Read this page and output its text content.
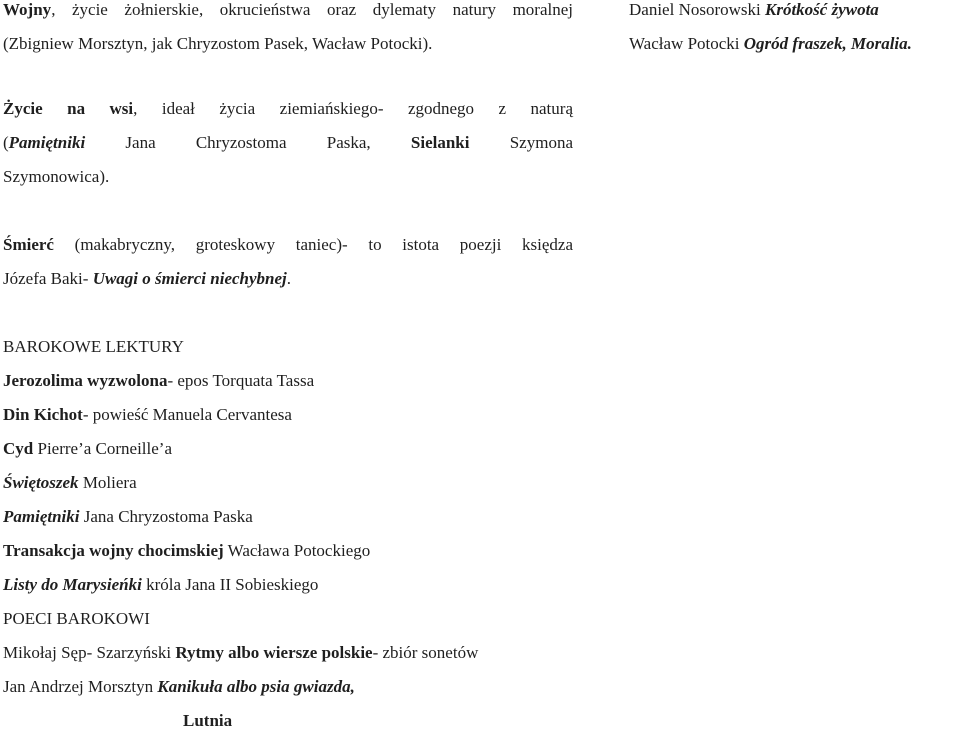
Wojny, życie żołnierskie, okrucieństwa oraz dylematy natury moralnej
(Zbigniew Morsztyn, jak Chryzostom Pasek, Wacław Potocki).

Życie na wsi, ideał życia ziemiańskiego- zgodnego z naturą
(Pamiętniki Jana Chryzostoma Paska, Sielanki Szymona
Szymonowica).

Śmierć (makabryczny, groteskowy taniec)- to istota poezji księdza
Józefa Baki- Uwagi o śmierci niechybnej.

BAROKOWE LEKTURY
Jerozolima wyzwolona- epos Torquata Tassa
Din Kichot- powieść Manuela Cervantesa
Cyd Pierre’a Corneille’a
Świętoszek Moliera
Pamiętniki Jana Chryzostoma Paska
Transakcja wojny chocimskiej Wacława Potockiego
Listy do Marysieńki króla Jana II Sobieskiego
POECI BAROKOWI
Mikołaj Sęp- Szarzyński Rytmy albo wiersze polskie- zbiór sonetów
Jan Andrzej Morsztyn Kanikuła albo psia gwiazda,
Lutnia

Daniel Nosorowski Krótkość żywota
Wacław Potocki Ogród fraszek, Moralia.
